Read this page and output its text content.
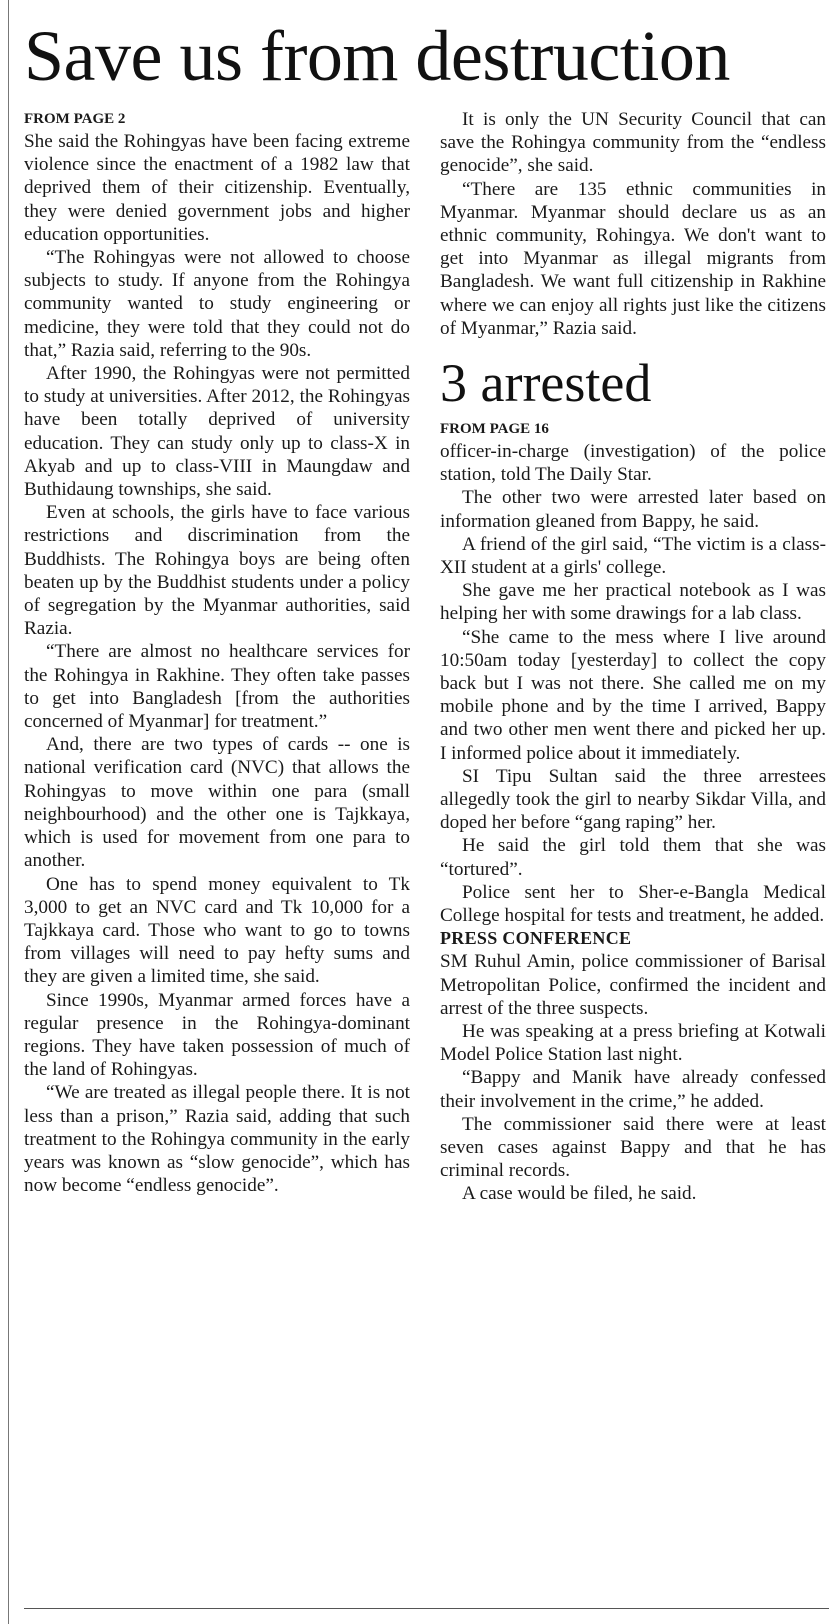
Save us from destruction
FROM PAGE 2

She said the Rohingyas have been facing extreme violence since the enactment of a 1982 law that deprived them of their citizenship. Eventually, they were denied government jobs and higher education opportunities.

“The Rohingyas were not allowed to choose subjects to study. If anyone from the Rohingya community wanted to study engineering or medicine, they were told that they could not do that,” Razia said, referring to the 90s.

After 1990, the Rohingyas were not permitted to study at universities. After 2012, the Rohingyas have been totally deprived of university education. They can study only up to class-X in Akyab and up to class-VIII in Maungdaw and Buthidaung townships, she said.

Even at schools, the girls have to face various restrictions and discrimination from the Buddhists. The Rohingya boys are being often beaten up by the Buddhist students under a policy of segregation by the Myanmar authorities, said Razia.

“There are almost no healthcare services for the Rohingya in Rakhine. They often take passes to get into Bangladesh [from the authorities concerned of Myanmar] for treatment.”

And, there are two types of cards -- one is national verification card (NVC) that allows the Rohingyas to move within one para (small neighbourhood) and the other one is Tajkkaya, which is used for movement from one para to another.

One has to spend money equivalent to Tk 3,000 to get an NVC card and Tk 10,000 for a Tajkkaya card. Those who want to go to towns from villages will need to pay hefty sums and they are given a limited time, she said.

Since 1990s, Myanmar armed forces have a regular presence in the Rohingya-dominant regions. They have taken possession of much of the land of Rohingyas.

“We are treated as illegal people there. It is not less than a prison,” Razia said, adding that such treatment to the Rohingya community in the early years was known as “slow genocide”, which has now become “endless genocide”.

It is only the UN Security Council that can save the Rohingya community from the “endless genocide”, she said.

“There are 135 ethnic communities in Myanmar. Myanmar should declare us as an ethnic community, Rohingya. We don't want to get into Myanmar as illegal migrants from Bangladesh. We want full citizenship in Rakhine where we can enjoy all rights just like the citizens of Myanmar,” Razia said.

3 arrested
FROM PAGE 16

officer-in-charge (investigation) of the police station, told The Daily Star.

The other two were arrested later based on information gleaned from Bappy, he said.

A friend of the girl said, “The victim is a class-XII student at a girls' college.

She gave me her practical notebook as I was helping her with some drawings for a lab class.

“She came to the mess where I live around 10:50am today [yesterday] to collect the copy back but I was not there. She called me on my mobile phone and by the time I arrived, Bappy and two other men went there and picked her up. I informed police about it immediately.

SI Tipu Sultan said the three arrestees allegedly took the girl to nearby Sikdar Villa, and doped her before “gang raping” her.

He said the girl told them that she was “tortured”.

Police sent her to Sher-e-Bangla Medical College hospital for tests and treatment, he added.

PRESS CONFERENCE

SM Ruhul Amin, police commissioner of Barisal Metropolitan Police, confirmed the incident and arrest of the three suspects.

He was speaking at a press briefing at Kotwali Model Police Station last night.

“Bappy and Manik have already confessed their involvement in the crime,” he added.

The commissioner said there were at least seven cases against Bappy and that he has criminal records.

A case would be filed, he said.
